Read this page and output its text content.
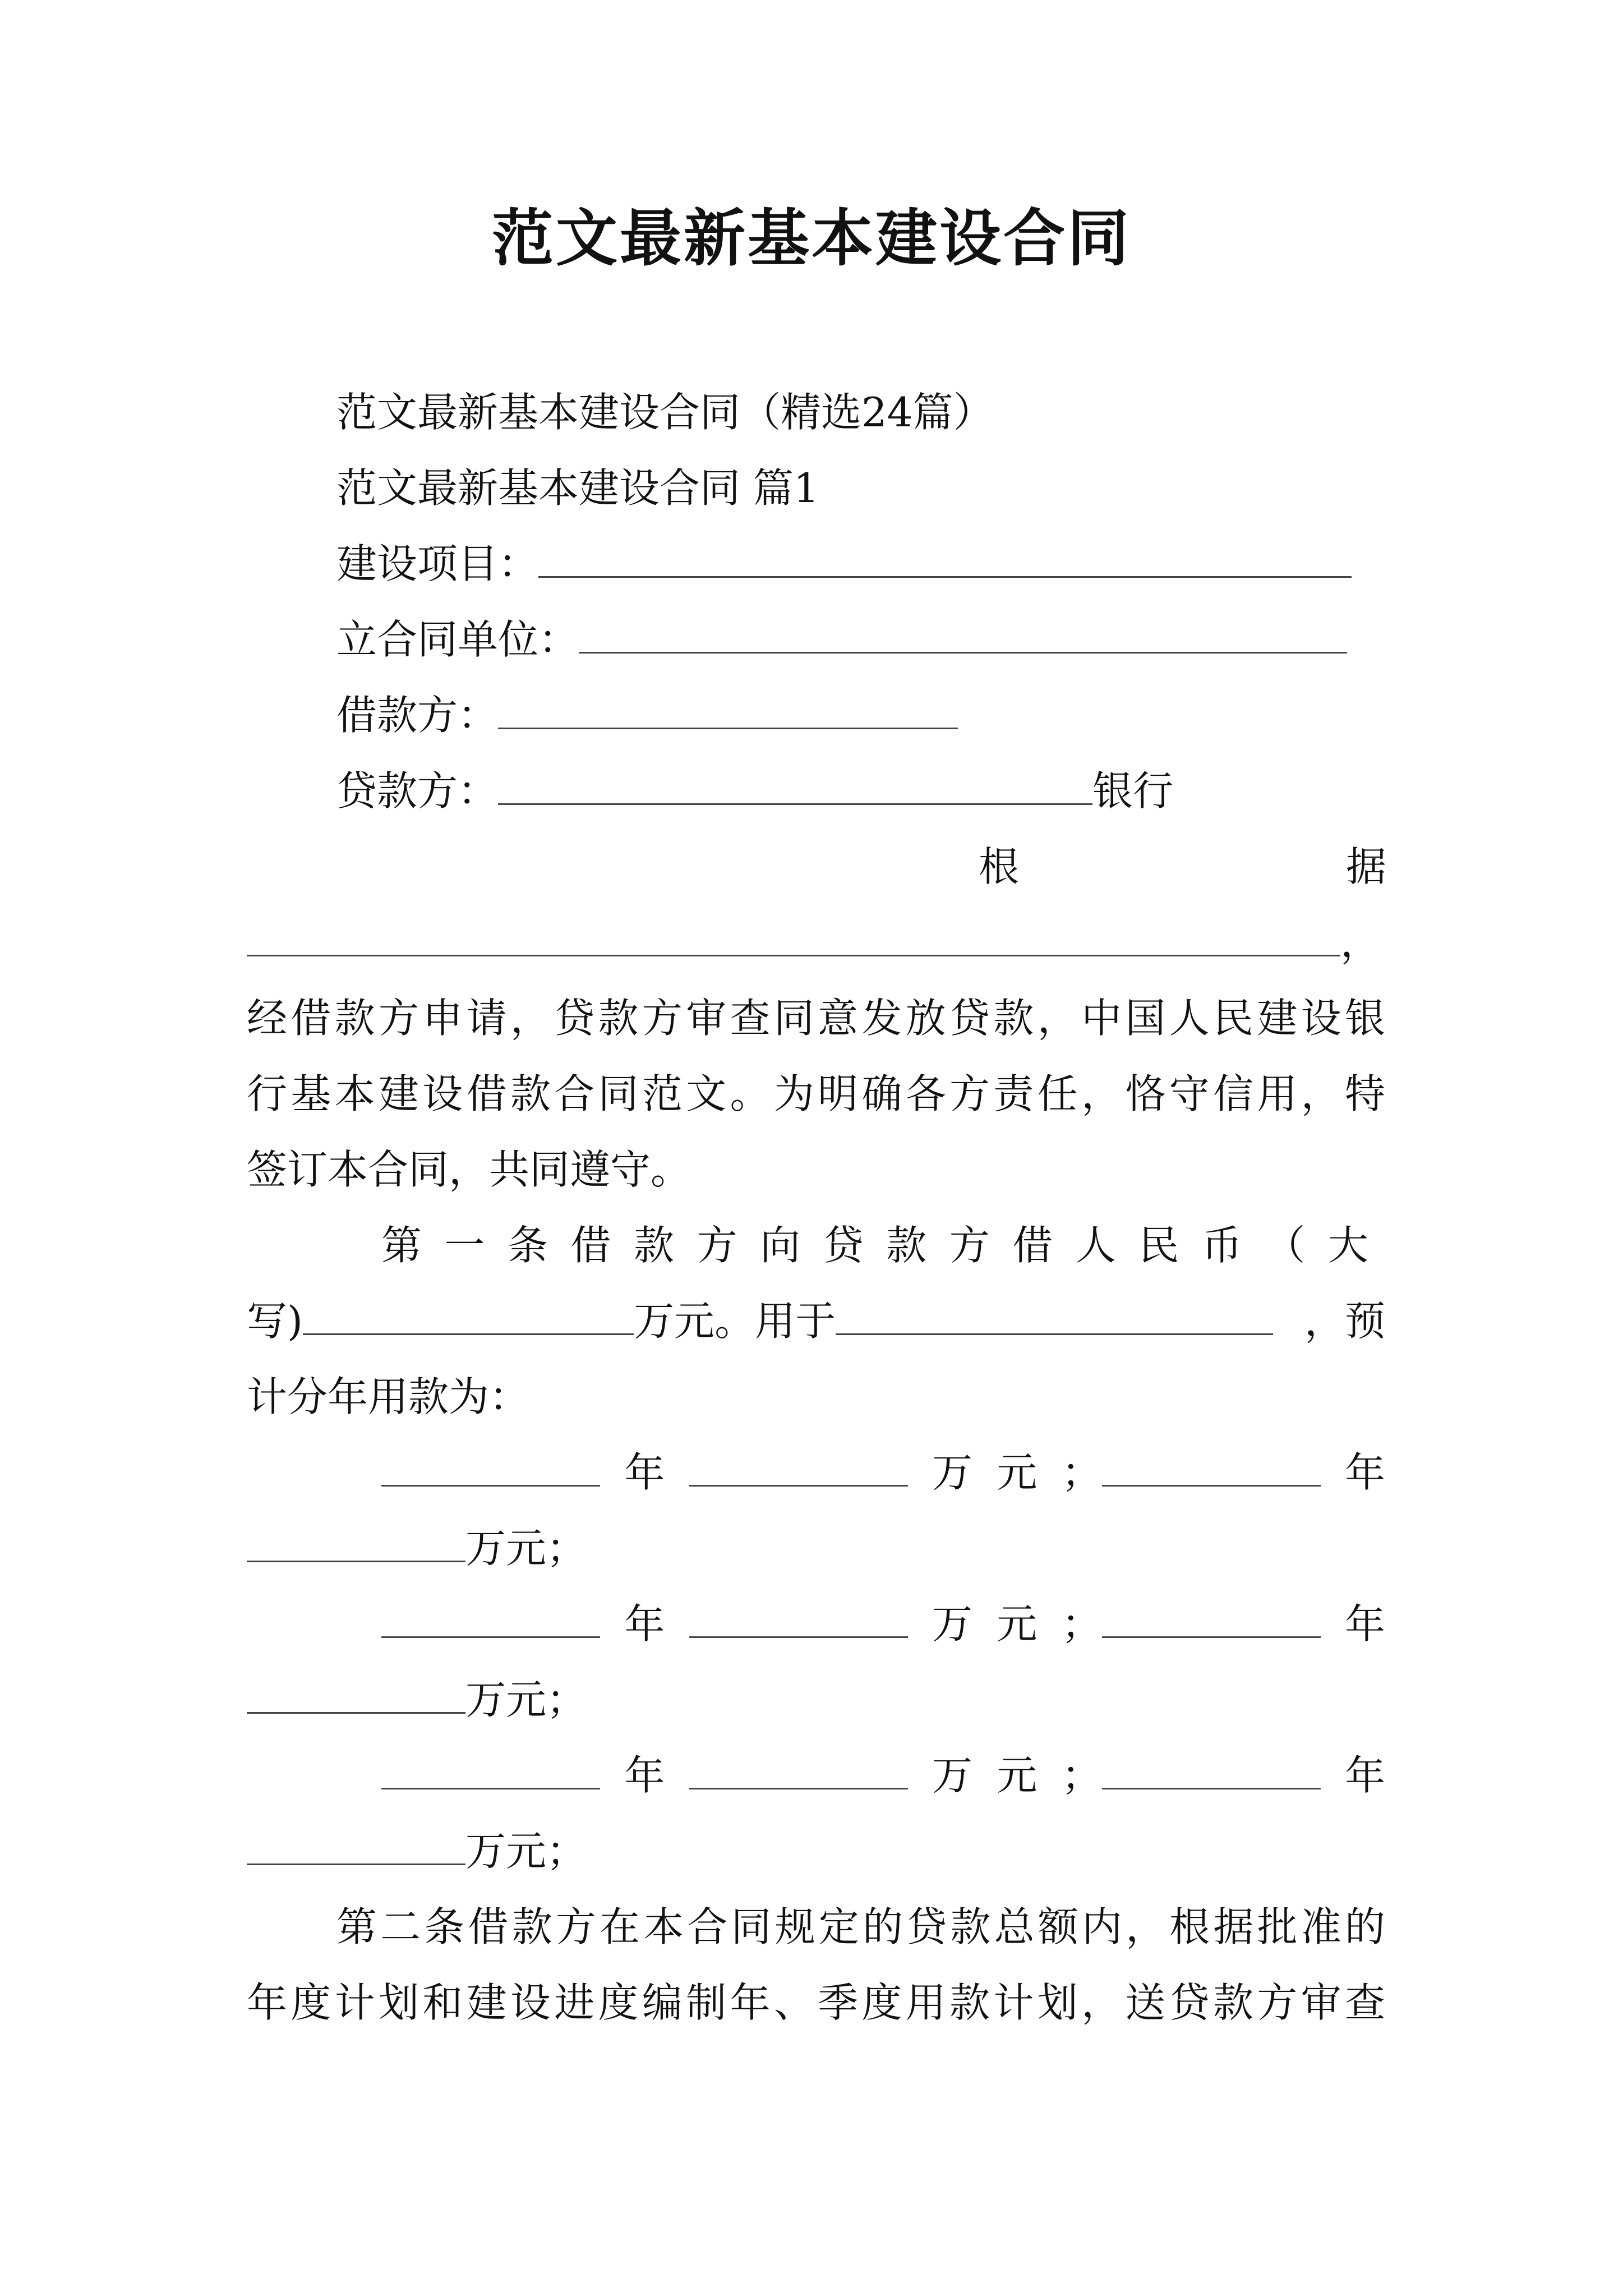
范文最新基本建设合同
范文最新基本建设合同（精选24篇）
范文最新基本建设合同 篇1
建设项目：
立合同单位：
借款方：
贷款方：	银行
根	据
，
经借款方申请，贷款方审查同意发放贷款，中国人民建设银
行基本建设借款合同范文。为明确各方责任，恪守信用，特
签订本合同，共同遵守。
第一条借款方向贷款方借人民币（大
写)	万元。用于	，预
计分年用款为：
年	万 元 ；	年
万元；
年	万 元 ；	年
万元；
年	万 元 ；	年
万元；
第二条借款方在本合同规定的贷款总额内，根据批准的
年度计划和建设进度编制年、季度用款计划，送贷款方审查
